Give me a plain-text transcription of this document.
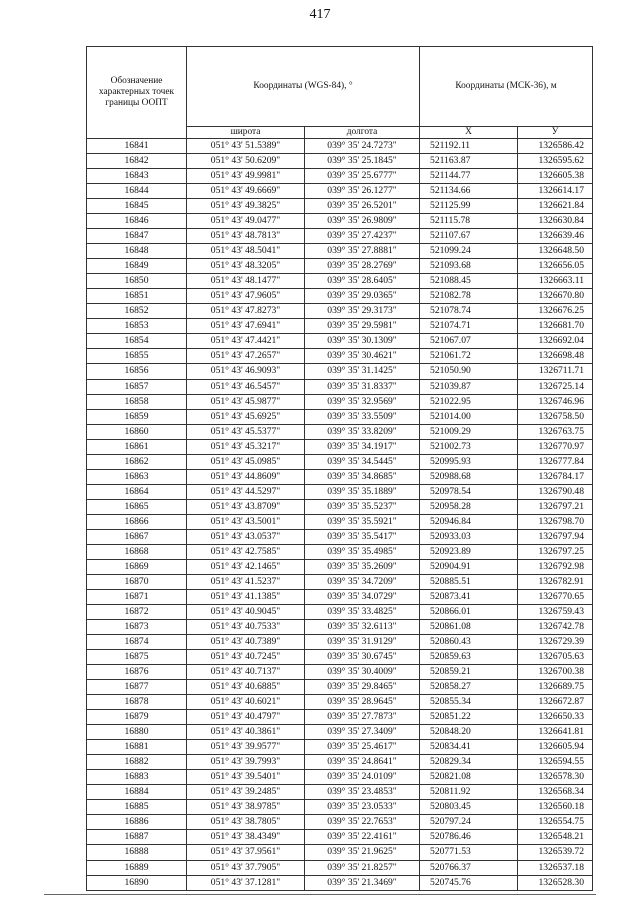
417
Обозначение характерных точек границы ООПТ	Координаты (WGS-84), °		Координаты (МСК-36), м	
	широта	долгота	X	У
16841	051° 43' 51.5389"	039° 35' 24.7273"	521192.11	1326586.42
16842	051° 43' 50.6209"	039° 35' 25.1845"	521163.87	1326595.62
16843	051° 43' 49.9981"	039° 35' 25.6777"	521144.77	1326605.38
16844	051° 43' 49.6669"	039° 35' 26.1277"	521134.66	1326614.17
16845	051° 43' 49.3825"	039° 35' 26.5201"	521125.99	1326621.84
16846	051° 43' 49.0477"	039° 35' 26.9809"	521115.78	1326630.84
16847	051° 43' 48.7813"	039° 35' 27.4237"	521107.67	1326639.46
16848	051° 43' 48.5041"	039° 35' 27.8881"	521099.24	1326648.50
16849	051° 43' 48.3205"	039° 35' 28.2769"	521093.68	1326656.05
16850	051° 43' 48.1477"	039° 35' 28.6405"	521088.45	1326663.11
16851	051° 43' 47.9605"	039° 35' 29.0365"	521082.78	1326670.80
16852	051° 43' 47.8273"	039° 35' 29.3173"	521078.74	1326676.25
16853	051° 43' 47.6941"	039° 35' 29.5981"	521074.71	1326681.70
16854	051° 43' 47.4421"	039° 35' 30.1309"	521067.07	1326692.04
16855	051° 43' 47.2657"	039° 35' 30.4621"	521061.72	1326698.48
16856	051° 43' 46.9093"	039° 35' 31.1425"	521050.90	1326711.71
16857	051° 43' 46.5457"	039° 35' 31.8337"	521039.87	1326725.14
16858	051° 43' 45.9877"	039° 35' 32.9569"	521022.95	1326746.96
16859	051° 43' 45.6925"	039° 35' 33.5509"	521014.00	1326758.50
16860	051° 43' 45.5377"	039° 35' 33.8209"	521009.29	1326763.75
16861	051° 43' 45.3217"	039° 35' 34.1917"	521002.73	1326770.97
16862	051° 43' 45.0985"	039° 35' 34.5445"	520995.93	1326777.84
16863	051° 43' 44.8609"	039° 35' 34.8685"	520988.68	1326784.17
16864	051° 43' 44.5297"	039° 35' 35.1889"	520978.54	1326790.48
16865	051° 43' 43.8709"	039° 35' 35.5237"	520958.28	1326797.21
16866	051° 43' 43.5001"	039° 35' 35.5921"	520946.84	1326798.70
16867	051° 43' 43.0537"	039° 35' 35.5417"	520933.03	1326797.94
16868	051° 43' 42.7585"	039° 35' 35.4985"	520923.89	1326797.25
16869	051° 43' 42.1465"	039° 35' 35.2609"	520904.91	1326792.98
16870	051° 43' 41.5237"	039° 35' 34.7209"	520885.51	1326782.91
16871	051° 43' 41.1385"	039° 35' 34.0729"	520873.41	1326770.65
16872	051° 43' 40.9045"	039° 35' 33.4825"	520866.01	1326759.43
16873	051° 43' 40.7533"	039° 35' 32.6113"	520861.08	1326742.78
16874	051° 43' 40.7389"	039° 35' 31.9129"	520860.43	1326729.39
16875	051° 43' 40.7245"	039° 35' 30.6745"	520859.63	1326705.63
16876	051° 43' 40.7137"	039° 35' 30.4009"	520859.21	1326700.38
16877	051° 43' 40.6885"	039° 35' 29.8465"	520858.27	1326689.75
16878	051° 43' 40.6021"	039° 35' 28.9645"	520855.34	1326672.87
16879	051° 43' 40.4797"	039° 35' 27.7873"	520851.22	1326650.33
16880	051° 43' 40.3861"	039° 35' 27.3409"	520848.20	1326641.81
16881	051° 43' 39.9577"	039° 35' 25.4617"	520834.41	1326605.94
16882	051° 43' 39.7993"	039° 35' 24.8641"	520829.34	1326594.55
16883	051° 43' 39.5401"	039° 35' 24.0109"	520821.08	1326578.30
16884	051° 43' 39.2485"	039° 35' 23.4853"	520811.92	1326568.34
16885	051° 43' 38.9785"	039° 35' 23.0533"	520803.45	1326560.18
16886	051° 43' 38.7805"	039° 35' 22.7653"	520797.24	1326554.75
16887	051° 43' 38.4349"	039° 35' 22.4161"	520786.46	1326548.21
16888	051° 43' 37.9561"	039° 35' 21.9625"	520771.53	1326539.72
16889	051° 43' 37.7905"	039° 35' 21.8257"	520766.37	1326537.18
16890	051° 43' 37.1281"	039° 35' 21.3469"	520745.76	1326528.30
